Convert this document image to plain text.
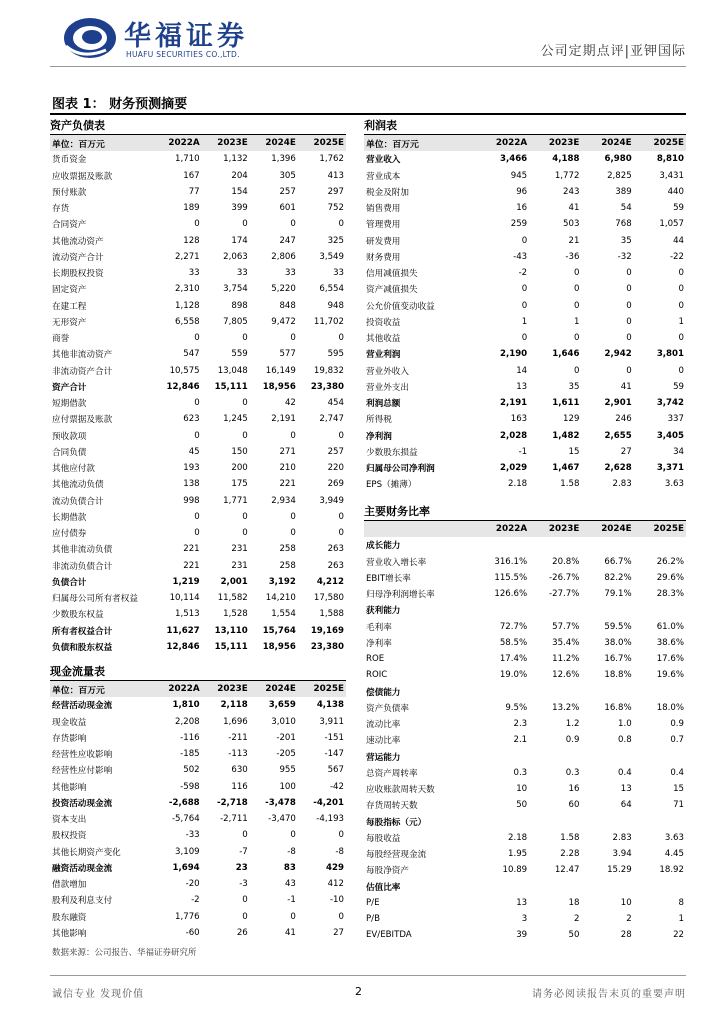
华福证券
HUAFU SECURITIES CO.,LTD.	公司定期点评|亚钾国际
图表 1： 财务预测摘要
资产负债表
单位：百万元	2022A	2023E	2024E	2025E
货币资金	1,710	1,132	1,396	1,762
应收票据及账款	167	204	305	413
预付账款	77	154	257	297
存货	189	399	601	752
合同资产	0	0	0	0
其他流动资产	128	174	247	325
流动资产合计	2,271	2,063	2,806	3,549
长期股权投资	33	33	33	33
固定资产	2,310	3,754	5,220	6,554
在建工程	1,128	898	848	948
无形资产	6,558	7,805	9,472	11,702
商誉	0	0	0	0
其他非流动资产	547	559	577	595
非流动资产合计	10,575	13,048	16,149	19,832
资产合计	12,846	15,111	18,956	23,380
短期借款	0	0	42	454
应付票据及账款	623	1,245	2,191	2,747
预收款项	0	0	0	0
合同负债	45	150	271	257
其他应付款	193	200	210	220
其他流动负债	138	175	221	269
流动负债合计	998	1,771	2,934	3,949
长期借款	0	0	0	0
应付债券	0	0	0	0
其他非流动负债	221	231	258	263
非流动负债合计	221	231	258	263
负债合计	1,219	2,001	3,192	4,212
归属母公司所有者权益	10,114	11,582	14,210	17,580
少数股东权益	1,513	1,528	1,554	1,588
所有者权益合计	11,627	13,110	15,764	19,169
负债和股东权益	12,846	15,111	18,956	23,380
现金流量表
单位：百万元	2022A	2023E	2024E	2025E
经营活动现金流	1,810	2,118	3,659	4,138
现金收益	2,208	1,696	3,010	3,911
存货影响	-116	-211	-201	-151
经营性应收影响	-185	-113	-205	-147
经营性应付影响	502	630	955	567
其他影响	-598	116	100	-42
投资活动现金流	-2,688	-2,718	-3,478	-4,201
资本支出	-5,764	-2,711	-3,470	-4,193
股权投资	-33	0	0	0
其他长期资产变化	3,109	-7	-8	-8
融资活动现金流	1,694	23	83	429
借款增加	-20	-3	43	412
股利及利息支付	-2	0	-1	-10
股东融资	1,776	0	0	0
其他影响	-60	26	41	27
利润表
单位：百万元	2022A	2023E	2024E	2025E
营业收入	3,466	4,188	6,980	8,810
营业成本	945	1,772	2,825	3,431
税金及附加	96	243	389	440
销售费用	16	41	54	59
管理费用	259	503	768	1,057
研发费用	0	21	35	44
财务费用	-43	-36	-32	-22
信用减值损失	-2	0	0	0
资产减值损失	0	0	0	0
公允价值变动收益	0	0	0	0
投资收益	1	1	0	1
其他收益	0	0	0	0
营业利润	2,190	1,646	2,942	3,801
营业外收入	14	0	0	0
营业外支出	13	35	41	59
利润总额	2,191	1,611	2,901	3,742
所得税	163	129	246	337
净利润	2,028	1,482	2,655	3,405
少数股东损益	-1	15	27	34
归属母公司净利润	2,029	1,467	2,628	3,371
EPS（摊薄）	2.18	1.58	2.83	3.63
主要财务比率
	2022A	2023E	2024E	2025E
成长能力				
营业收入增长率	316.1%	20.8%	66.7%	26.2%
EBIT增长率	115.5%	-26.7%	82.2%	29.6%
归母净利润增长率	126.6%	-27.7%	79.1%	28.3%
获利能力				
毛利率	72.7%	57.7%	59.5%	61.0%
净利率	58.5%	35.4%	38.0%	38.6%
ROE	17.4%	11.2%	16.7%	17.6%
ROIC	19.0%	12.6%	18.8%	19.6%
偿债能力				
资产负债率	9.5%	13.2%	16.8%	18.0%
流动比率	2.3	1.2	1.0	0.9
速动比率	2.1	0.9	0.8	0.7
营运能力				
总资产周转率	0.3	0.3	0.4	0.4
应收账款周转天数	10	16	13	15
存货周转天数	50	60	64	71
每股指标（元）				
每股收益	2.18	1.58	2.83	3.63
每股经营现金流	1.95	2.28	3.94	4.45
每股净资产	10.89	12.47	15.29	18.92
估值比率				
P/E	13	18	10	8
P/B	3	2	2	1
EV/EBITDA	39	50	28	22
数据来源：公司报告、华福证券研究所
诚信专业 发现价值	2	请务必阅读报告末页的重要声明
